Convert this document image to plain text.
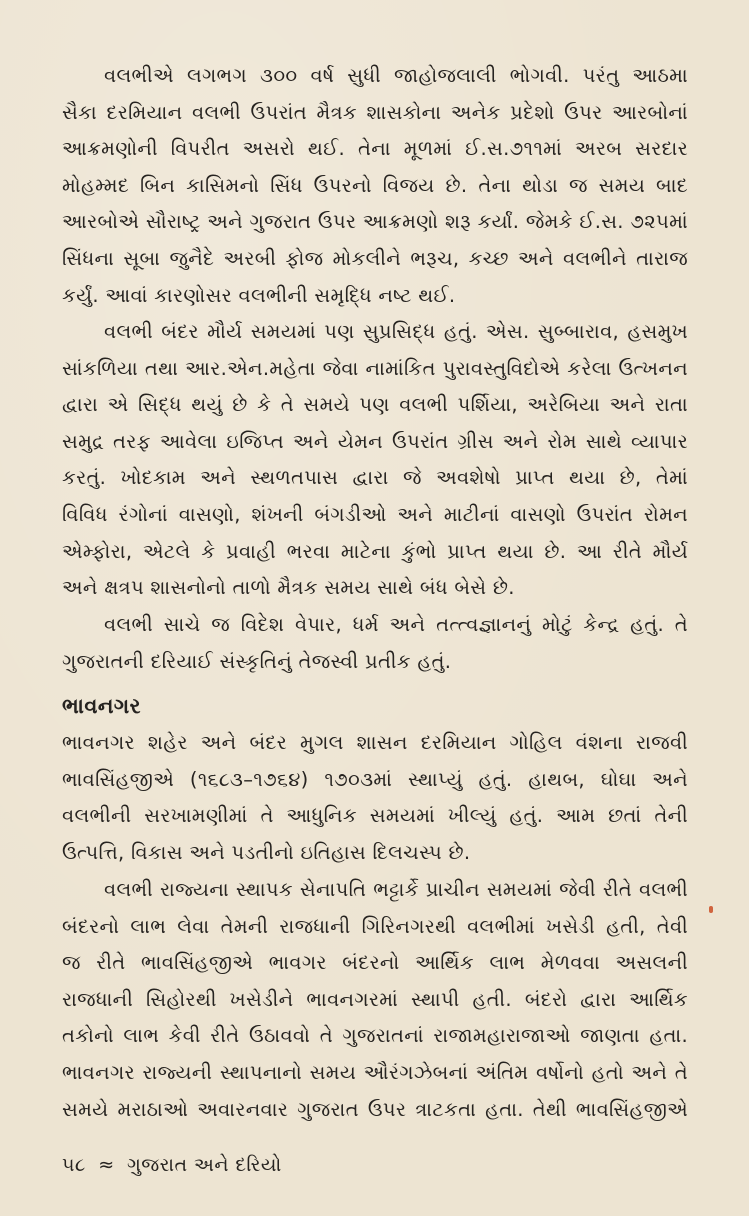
વલભીએ લગભગ ૩૦૦ વર્ષ સુધી જાહોજલાલી ભોગવી. પરંતુ આઠમા
સૈકા દરમિયાન વલભી ઉપરાંત મૈત્રક શાસકોના અનેક પ્રદેશો ઉપર આરબોનાં
આક્રમણોની વિપરીત અસરો થઈ. તેના મૂળમાં ઈ.સ.૭૧૧માં અરબ સરદાર
મોહમ્મદ બિન કાસિમનો સિંધ ઉપરનો વિજય છે. તેના થોડા જ સમય બાદ
આરબોએ સૌરાષ્ટ્ર અને ગુજરાત ઉપર આક્રમણો શરૂ કર્યાં. જેમકે ઈ.સ. ૭૨૫માં
સિંધના સૂબા જુનૈદે અરબી ફોજ મોકલીને ભરૂચ, કચ્છ અને વલભીને તારાજ
કર્યું. આવાં કારણોસર વલભીની સમૃદ્ધિ નષ્ટ થઈ.
વલભી બંદર મૌર્ય સમયમાં પણ સુપ્રસિદ્ધ હતું. એસ. સુબ્બારાવ, હસમુખ
સાંકળિયા તથા આર.એન.મહેતા જેવા નામાંકિત પુરાવસ્તુવિદોએ કરેલા ઉત્ખનન
દ્વારા એ સિદ્ધ થયું છે કે તે સમયે પણ વલભી પર્શિયા, અરેબિયા અને રાતા
સમુદ્ર તરફ આવેલા ઇજિપ્ત અને યેમન ઉપરાંત ગ્રીસ અને રોમ સાથે વ્યાપાર
કરતું. ખોદકામ અને સ્થળતપાસ દ્વારા જે અવશેષો પ્રાપ્ત થયા છે, તેમાં
વિવિધ રંગોનાં વાસણો, શંખની બંગડીઓ અને માટીનાં વાસણો ઉપરાંત રોમન
એમ્ફોરા, એટલે કે પ્રવાહી ભરવા માટેના કુંભો પ્રાપ્ત થયા છે. આ રીતે મૌર્ય
અને ક્ષત્રપ શાસનોનો તાળો મૈત્રક સમય સાથે બંધ બેસે છે.
વલભી સાચે જ વિદેશ વેપાર, ધર્મ અને તત્ત્વજ્ઞાનનું મોટું કેન્દ્ર હતું. તે
ગુજરાતની દરિયાઈ સંસ્કૃતિનું તેજસ્વી પ્રતીક હતું.
ભાવનગર
ભાવનગર શહેર અને બંદર મુગલ શાસન દરમિયાન ગોહિલ વંશના રાજવી
ભાવસિંહજીએ (૧૬૮૩–૧૭૬૪) ૧૭૦૩માં સ્થાપ્યું હતું. હાથબ, ઘોઘા અને
વલભીની સરખામણીમાં તે આધુનિક સમયમાં ખીલ્યું હતું. આમ છતાં તેની
ઉત્પત્તિ, વિકાસ અને પડતીનો ઇતિહાસ દિલચસ્પ છે.
વલભી રાજ્યના સ્થાપક સેનાપતિ ભટ્ટાર્કે પ્રાચીન સમયમાં જેવી રીતે વલભી
બંદરનો લાભ લેવા તેમની રાજધાની ગિરિનગરથી વલભીમાં ખસેડી હતી, તેવી
જ રીતે ભાવસિંહજીએ ભાવગર બંદરનો આર્થિક લાભ મેળવવા અસલની
રાજધાની સિહોરથી ખસેડીને ભાવનગરમાં સ્થાપી હતી. બંદરો દ્વારા આર્થિક
તકોનો લાભ કેવી રીતે ઉઠાવવો તે ગુજરાતનાં રાજામહારાજાઓ જાણતા હતા.
ભાવનગર રાજ્યની સ્થાપનાનો સમય ઔરંગઝેબનાં અંતિમ વર્ષોનો હતો અને તે
સમયે મરાઠાઓ અવારનવાર ગુજરાત ઉપર ત્રાટકતા હતા. તેથી ભાવસિંહજીએ
૫૮ ≈ ગુજરાત અને દરિયો
